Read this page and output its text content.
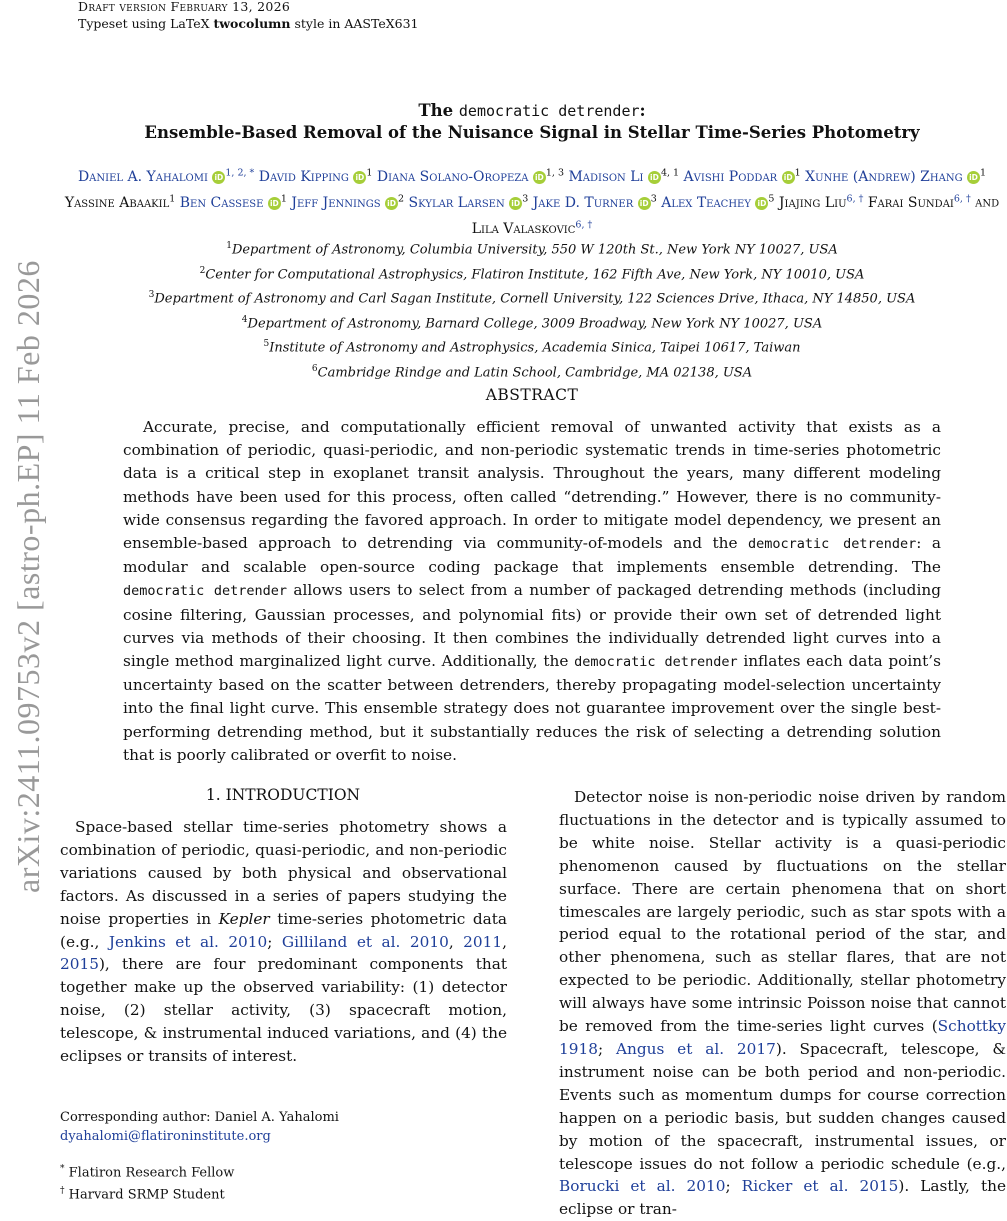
Draft version February 13, 2026
Typeset using LaTeX twocolumn style in AASTeX631
arXiv:2411.09753v2 [astro-ph.EP] 11 Feb 2026
The democratic detrender:
Ensemble-Based Removal of the Nuisance Signal in Stellar Time-Series Photometry
Daniel A. Yahalomi iD $^{1, 2, *}$ David Kipping iD $^1$ Diana Solano-Oropeza iD $^{1, 3}$ Madison Li iD $^{4, 1}$ Avishi Poddar iD $^1$ Xunhe (Andrew) Zhang iD $^1$ Yassine Abaakil$^1$ Ben Cassese iD $^1$ Jeff Jennings iD $^2$ Skylar Larsen iD $^3$ Jake D. Turner iD $^3$ Alex Teachey iD $^5$ Jiajing Liu$^{6, \dagger}$ Farai Sundai$^{6, \dagger}$ and Lila Valaskovic$^{6, \dagger}$
$^1$Department of Astronomy, Columbia University, 550 W 120th St., New York NY 10027, USA
$^2$Center for Computational Astrophysics, Flatiron Institute, 162 Fifth Ave, New York, NY 10010, USA
$^3$Department of Astronomy and Carl Sagan Institute, Cornell University, 122 Sciences Drive, Ithaca, NY 14850, USA
$^4$Department of Astronomy, Barnard College, 3009 Broadway, New York NY 10027, USA
$^5$Institute of Astronomy and Astrophysics, Academia Sinica, Taipei 10617, Taiwan
$^6$Cambridge Rindge and Latin School, Cambridge, MA 02138, USA
ABSTRACT

Accurate, precise, and computationally efficient removal of unwanted activity that exists as a combination of periodic, quasi-periodic, and non-periodic systematic trends in time-series photometric data is a critical step in exoplanet transit analysis. Throughout the years, many different modeling methods have been used for this process, often called “detrending.” However, there is no community-wide consensus regarding the favored approach. In order to mitigate model dependency, we present an ensemble-based approach to detrending via community-of-models and the democratic detrender: a modular and scalable open-source coding package that implements ensemble detrending. The democratic detrender allows users to select from a number of packaged detrending methods (including cosine filtering, Gaussian processes, and polynomial fits) or provide their own set of detrended light curves via methods of their choosing. It then combines the individually detrended light curves into a single method marginalized light curve. Additionally, the democratic detrender inflates each data point’s uncertainty based on the scatter between detrenders, thereby propagating model-selection uncertainty into the final light curve. This ensemble strategy does not guarantee improvement over the single best-performing detrending method, but it substantially reduces the risk of selecting a detrending solution that is poorly calibrated or overfit to noise.

1. INTRODUCTION

Space-based stellar time-series photometry shows a combination of periodic, quasi-periodic, and non-periodic variations caused by both physical and observational factors. As discussed in a series of papers studying the noise properties in Kepler time-series photometric data (e.g., Jenkins et al. 2010; Gilliland et al. 2010, 2011, 2015), there are four predominant components that together make up the observed variability: (1) detector noise, (2) stellar activity, (3) spacecraft motion, telescope, & instrumental induced variations, and (4) the eclipses or transits of interest.

Detector noise is non-periodic noise driven by random fluctuations in the detector and is typically assumed to be white noise. Stellar activity is a quasi-periodic phenomenon caused by fluctuations on the stellar surface. There are certain phenomena that on short timescales are largely periodic, such as star spots with a period equal to the rotational period of the star, and other phenomena, such as stellar flares, that are not expected to be periodic. Additionally, stellar photometry will always have some intrinsic Poisson noise that cannot be removed from the time-series light curves (Schottky 1918; Angus et al. 2017). Spacecraft, telescope, & instrument noise can be both period and non-periodic. Events such as momentum dumps for course correction happen on a periodic basis, but sudden changes caused by motion of the spacecraft, instrumental issues, or telescope issues do not follow a periodic schedule (e.g., Borucki et al. 2010; Ricker et al. 2015). Lastly, the eclipse or tran-

Corresponding author: Daniel A. Yahalomi
dyahalomi@flatironinstitute.org
* Flatiron Research Fellow
† Harvard SRMP Student
